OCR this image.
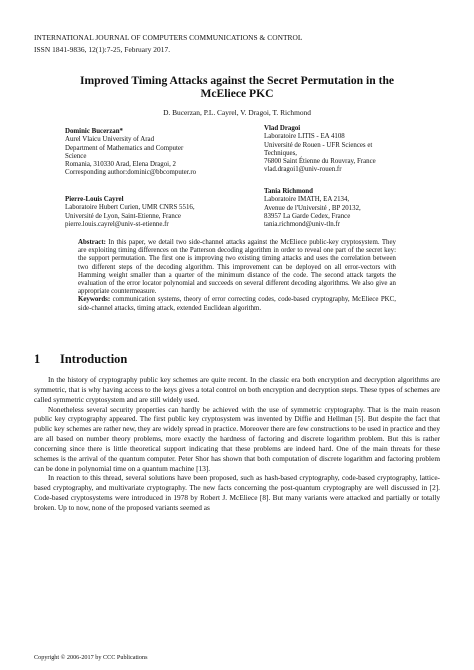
INTERNATIONAL JOURNAL OF COMPUTERS COMMUNICATIONS & CONTROL
ISSN 1841-9836, 12(1):7-25, February 2017.
Improved Timing Attacks against the Secret Permutation in the
McEliece PKC
D. Bucerzan, P.L. Cayrel, V. Dragoi, T. Richmond
Dominic Bucerzan*
Aurel Vlaicu University of Arad
Department of Mathematics and Computer
Science
Romania, 310330 Arad, Elena Dragoi, 2
Corresponding author:dominic@bbcomputer.ro
Pierre-Louis Cayrel
Laboratoire Hubert Curien, UMR CNRS 5516,
Université de Lyon, Saint-Etienne, France
pierre.louis.cayrel@univ-st-etienne.fr
Vlad Dragoi
Laboratoire LITIS - EA 4108
Université de Rouen - UFR Sciences et
Techniques,
76800 Saint Étienne du Rouvray, France
vlad.dragoi1@univ-rouen.fr
Tania Richmond
Laboratoire IMATH, EA 2134,
Avenue de l'Université , BP 20132,
83957 La Garde Cedex, France
tania.richmond@univ-tln.fr
Abstract: In this paper, we detail two side-channel attacks against the McEliece public-key cryptosystem. They are exploiting timing differences on the Patterson decoding algorithm in order to reveal one part of the secret key: the support permutation. The first one is improving two existing timing attacks and uses the correlation between two different steps of the decoding algorithm. This improvement can be deployed on all error-vectors with Hamming weight smaller than a quarter of the minimum distance of the code. The second attack targets the evaluation of the error locator polynomial and succeeds on several different decoding algorithms. We also give an appropriate countermeasure.
Keywords: communication systems, theory of error correcting codes, code-based cryptography, McEliece PKC, side-channel attacks, timing attack, extended Euclidean algorithm.
1 Introduction

In the history of cryptography public key schemes are quite recent. In the classic era both encryption and decryption algorithms are symmetric, that is why having access to the keys gives a total control on both encryption and decryption steps. These types of schemes are called symmetric cryptosystem and are still widely used.

Nonetheless several security properties can hardly be achieved with the use of symmetric cryptography. That is the main reason public key cryptography appeared. The first public key cryptosystem was invented by Diffie and Hellman [5]. But despite the fact that public key schemes are rather new, they are widely spread in practice. Moreover there are few constructions to be used in practice and they are all based on number theory problems, more exactly the hardness of factoring and discrete logarithm problem. But this is rather concerning since there is little theoretical support indicating that these problems are indeed hard. One of the main threats for these schemes is the arrival of the quantum computer. Peter Shor has shown that both computation of discrete logarithm and factoring problem can be done in polynomial time on a quantum machine [13].

In reaction to this thread, several solutions have been proposed, such as hash-based cryptography, code-based cryptography, lattice-based cryptography, and multivariate cryptography. The new facts concerning the post-quantum cryptography are well discussed in [2]. Code-based cryptosystems were introduced in 1978 by Robert J. McEliece [8]. But many variants were attacked and partially or totally broken. Up to now, none of the proposed variants seemed as

Copyright © 2006-2017 by CCC Publications
